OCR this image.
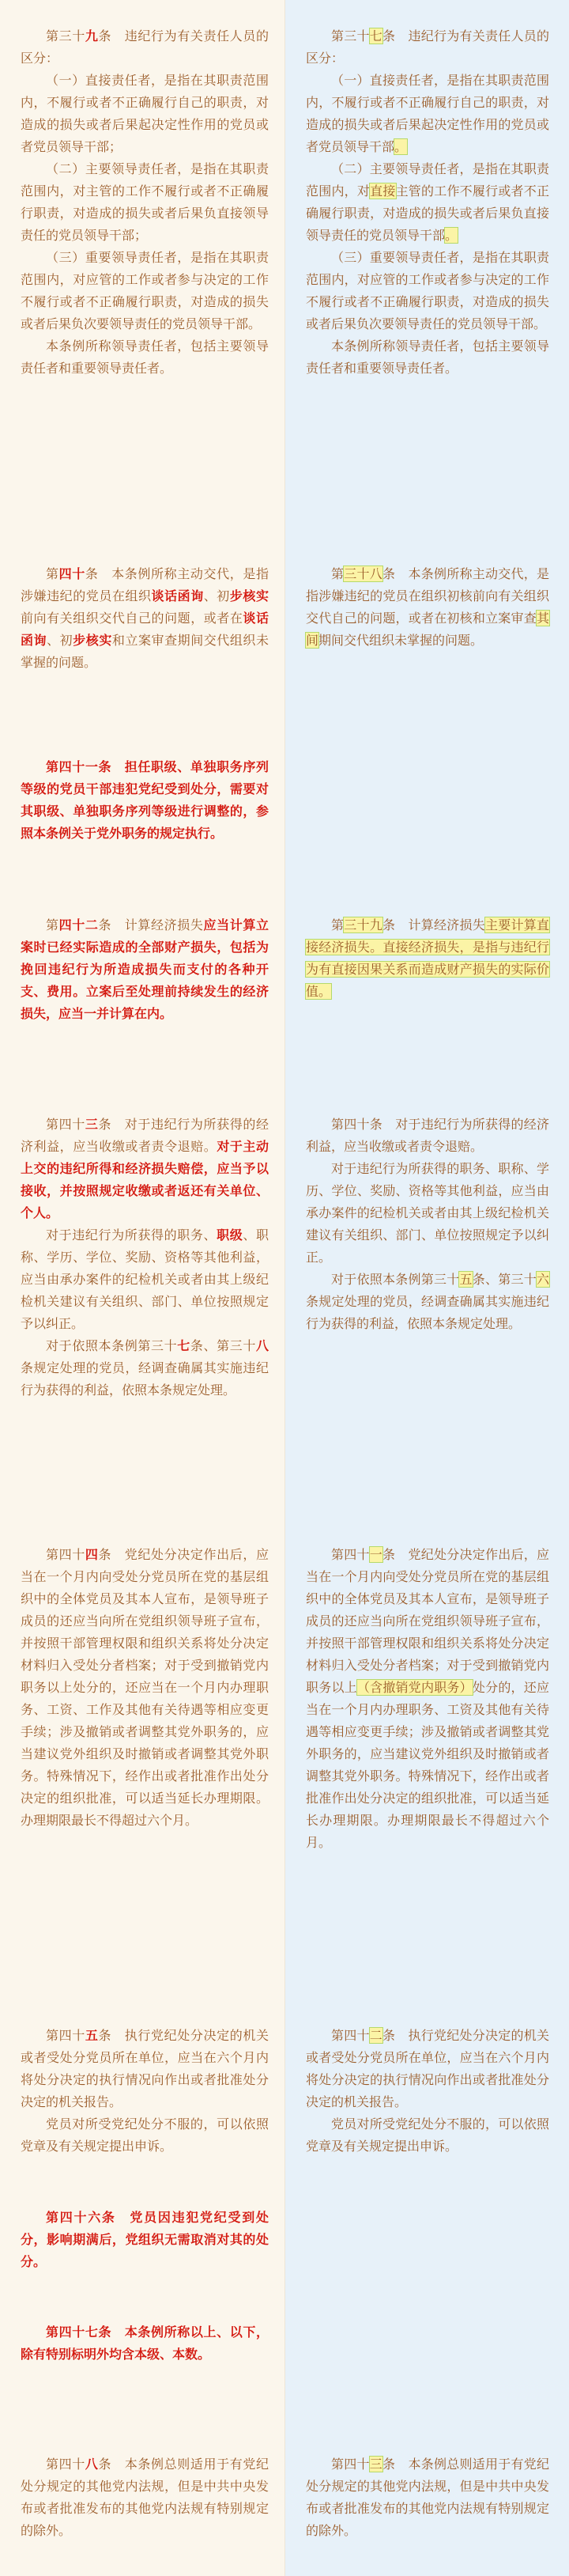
第三十九条　违纪行为有关责任人员的区分：

（一）直接责任者，是指在其职责范围内，不履行或者不正确履行自己的职责，对造成的损失或者后果起决定性作用的党员或者党员领导干部；

（二）主要领导责任者，是指在其职责范围内，对主管的工作不履行或者不正确履行职责，对造成的损失或者后果负直接领导责任的党员领导干部；

（三）重要领导责任者，是指在其职责范围内，对应管的工作或者参与决定的工作不履行或者不正确履行职责，对造成的损失或者后果负次要领导责任的党员领导干部。

本条例所称领导责任者，包括主要领导责任者和重要领导责任者。

第四十条　本条例所称主动交代，是指涉嫌违纪的党员在组织谈话函询、初步核实前向有关组织交代自己的问题，或者在谈话函询、初步核实和立案审查期间交代组织未掌握的问题。

第四十一条　担任职级、单独职务序列等级的党员干部违犯党纪受到处分，需要对其职级、单独职务序列等级进行调整的，参照本条例关于党外职务的规定执行。

第四十二条　计算经济损失应当计算立案时已经实际造成的全部财产损失，包括为挽回违纪行为所造成损失而支付的各种开支、费用。立案后至处理前持续发生的经济损失，应当一并计算在内。

第四十三条　对于违纪行为所获得的经济利益，应当收缴或者责令退赔。对于主动上交的违纪所得和经济损失赔偿，应当予以接收，并按照规定收缴或者返还有关单位、个人。

对于违纪行为所获得的职务、职级、职称、学历、学位、奖励、资格等其他利益，应当由承办案件的纪检机关或者由其上级纪检机关建议有关组织、部门、单位按照规定予以纠正。

对于依照本条例第三十七条、第三十八条规定处理的党员，经调查确属其实施违纪行为获得的利益，依照本条规定处理。

第四十四条　党纪处分决定作出后，应当在一个月内向受处分党员所在党的基层组织中的全体党员及其本人宣布，是领导班子成员的还应当向所在党组织领导班子宣布，并按照干部管理权限和组织关系将处分决定材料归入受处分者档案；对于受到撤销党内职务以上处分的，还应当在一个月内办理职务、工资、工作及其他有关待遇等相应变更手续；涉及撤销或者调整其党外职务的，应当建议党外组织及时撤销或者调整其党外职务。特殊情况下，经作出或者批准作出处分决定的组织批准，可以适当延长办理期限。办理期限最长不得超过六个月。

第四十五条　执行党纪处分决定的机关或者受处分党员所在单位，应当在六个月内将处分决定的执行情况向作出或者批准处分决定的机关报告。

党员对所受党纪处分不服的，可以依照党章及有关规定提出申诉。

第四十六条　党员因违犯党纪受到处分，影响期满后，党组织无需取消对其的处分。

第四十七条　本条例所称以上、以下，除有特别标明外均含本级、本数。

第四十八条　本条例总则适用于有党纪处分规定的其他党内法规，但是中共中央发布或者批准发布的其他党内法规有特别规定的除外。

第三十七条　违纪行为有关责任人员的区分：

（一）直接责任者，是指在其职责范围内，不履行或者不正确履行自己的职责，对造成的损失或者后果起决定性作用的党员或者党员领导干部。

（二）主要领导责任者，是指在其职责范围内，对直接主管的工作不履行或者不正确履行职责，对造成的损失或者后果负直接领导责任的党员领导干部。

（三）重要领导责任者，是指在其职责范围内，对应管的工作或者参与决定的工作不履行或者不正确履行职责，对造成的损失或者后果负次要领导责任的党员领导干部。

本条例所称领导责任者，包括主要领导责任者和重要领导责任者。

第三十八条　本条例所称主动交代，是指涉嫌违纪的党员在组织初核前向有关组织交代自己的问题，或者在初核和立案审查其间期间交代组织未掌握的问题。

第三十九条　计算经济损失主要计算直接经济损失。直接经济损失，是指与违纪行为有直接因果关系而造成财产损失的实际价值。

第四十条　对于违纪行为所获得的经济利益，应当收缴或者责令退赔。

对于违纪行为所获得的职务、职称、学历、学位、奖励、资格等其他利益，应当由承办案件的纪检机关或者由其上级纪检机关建议有关组织、部门、单位按照规定予以纠正。

对于依照本条例第三十五条、第三十六条规定处理的党员，经调查确属其实施违纪行为获得的利益，依照本条规定处理。

第四十一条　党纪处分决定作出后，应当在一个月内向受处分党员所在党的基层组织中的全体党员及其本人宣布，是领导班子成员的还应当向所在党组织领导班子宣布，并按照干部管理权限和组织关系将处分决定材料归入受处分者档案；对于受到撤销党内职务以上（含撤销党内职务）处分的，还应当在一个月内办理职务、工资及其他有关待遇等相应变更手续；涉及撤销或者调整其党外职务的，应当建议党外组织及时撤销或者调整其党外职务。特殊情况下，经作出或者批准作出处分决定的组织批准，可以适当延长办理期限。办理期限最长不得超过六个月。

第四十二条　执行党纪处分决定的机关或者受处分党员所在单位，应当在六个月内将处分决定的执行情况向作出或者批准处分决定的机关报告。

党员对所受党纪处分不服的，可以依照党章及有关规定提出申诉。

第四十三条　本条例总则适用于有党纪处分规定的其他党内法规，但是中共中央发布或者批准发布的其他党内法规有特别规定的除外。
